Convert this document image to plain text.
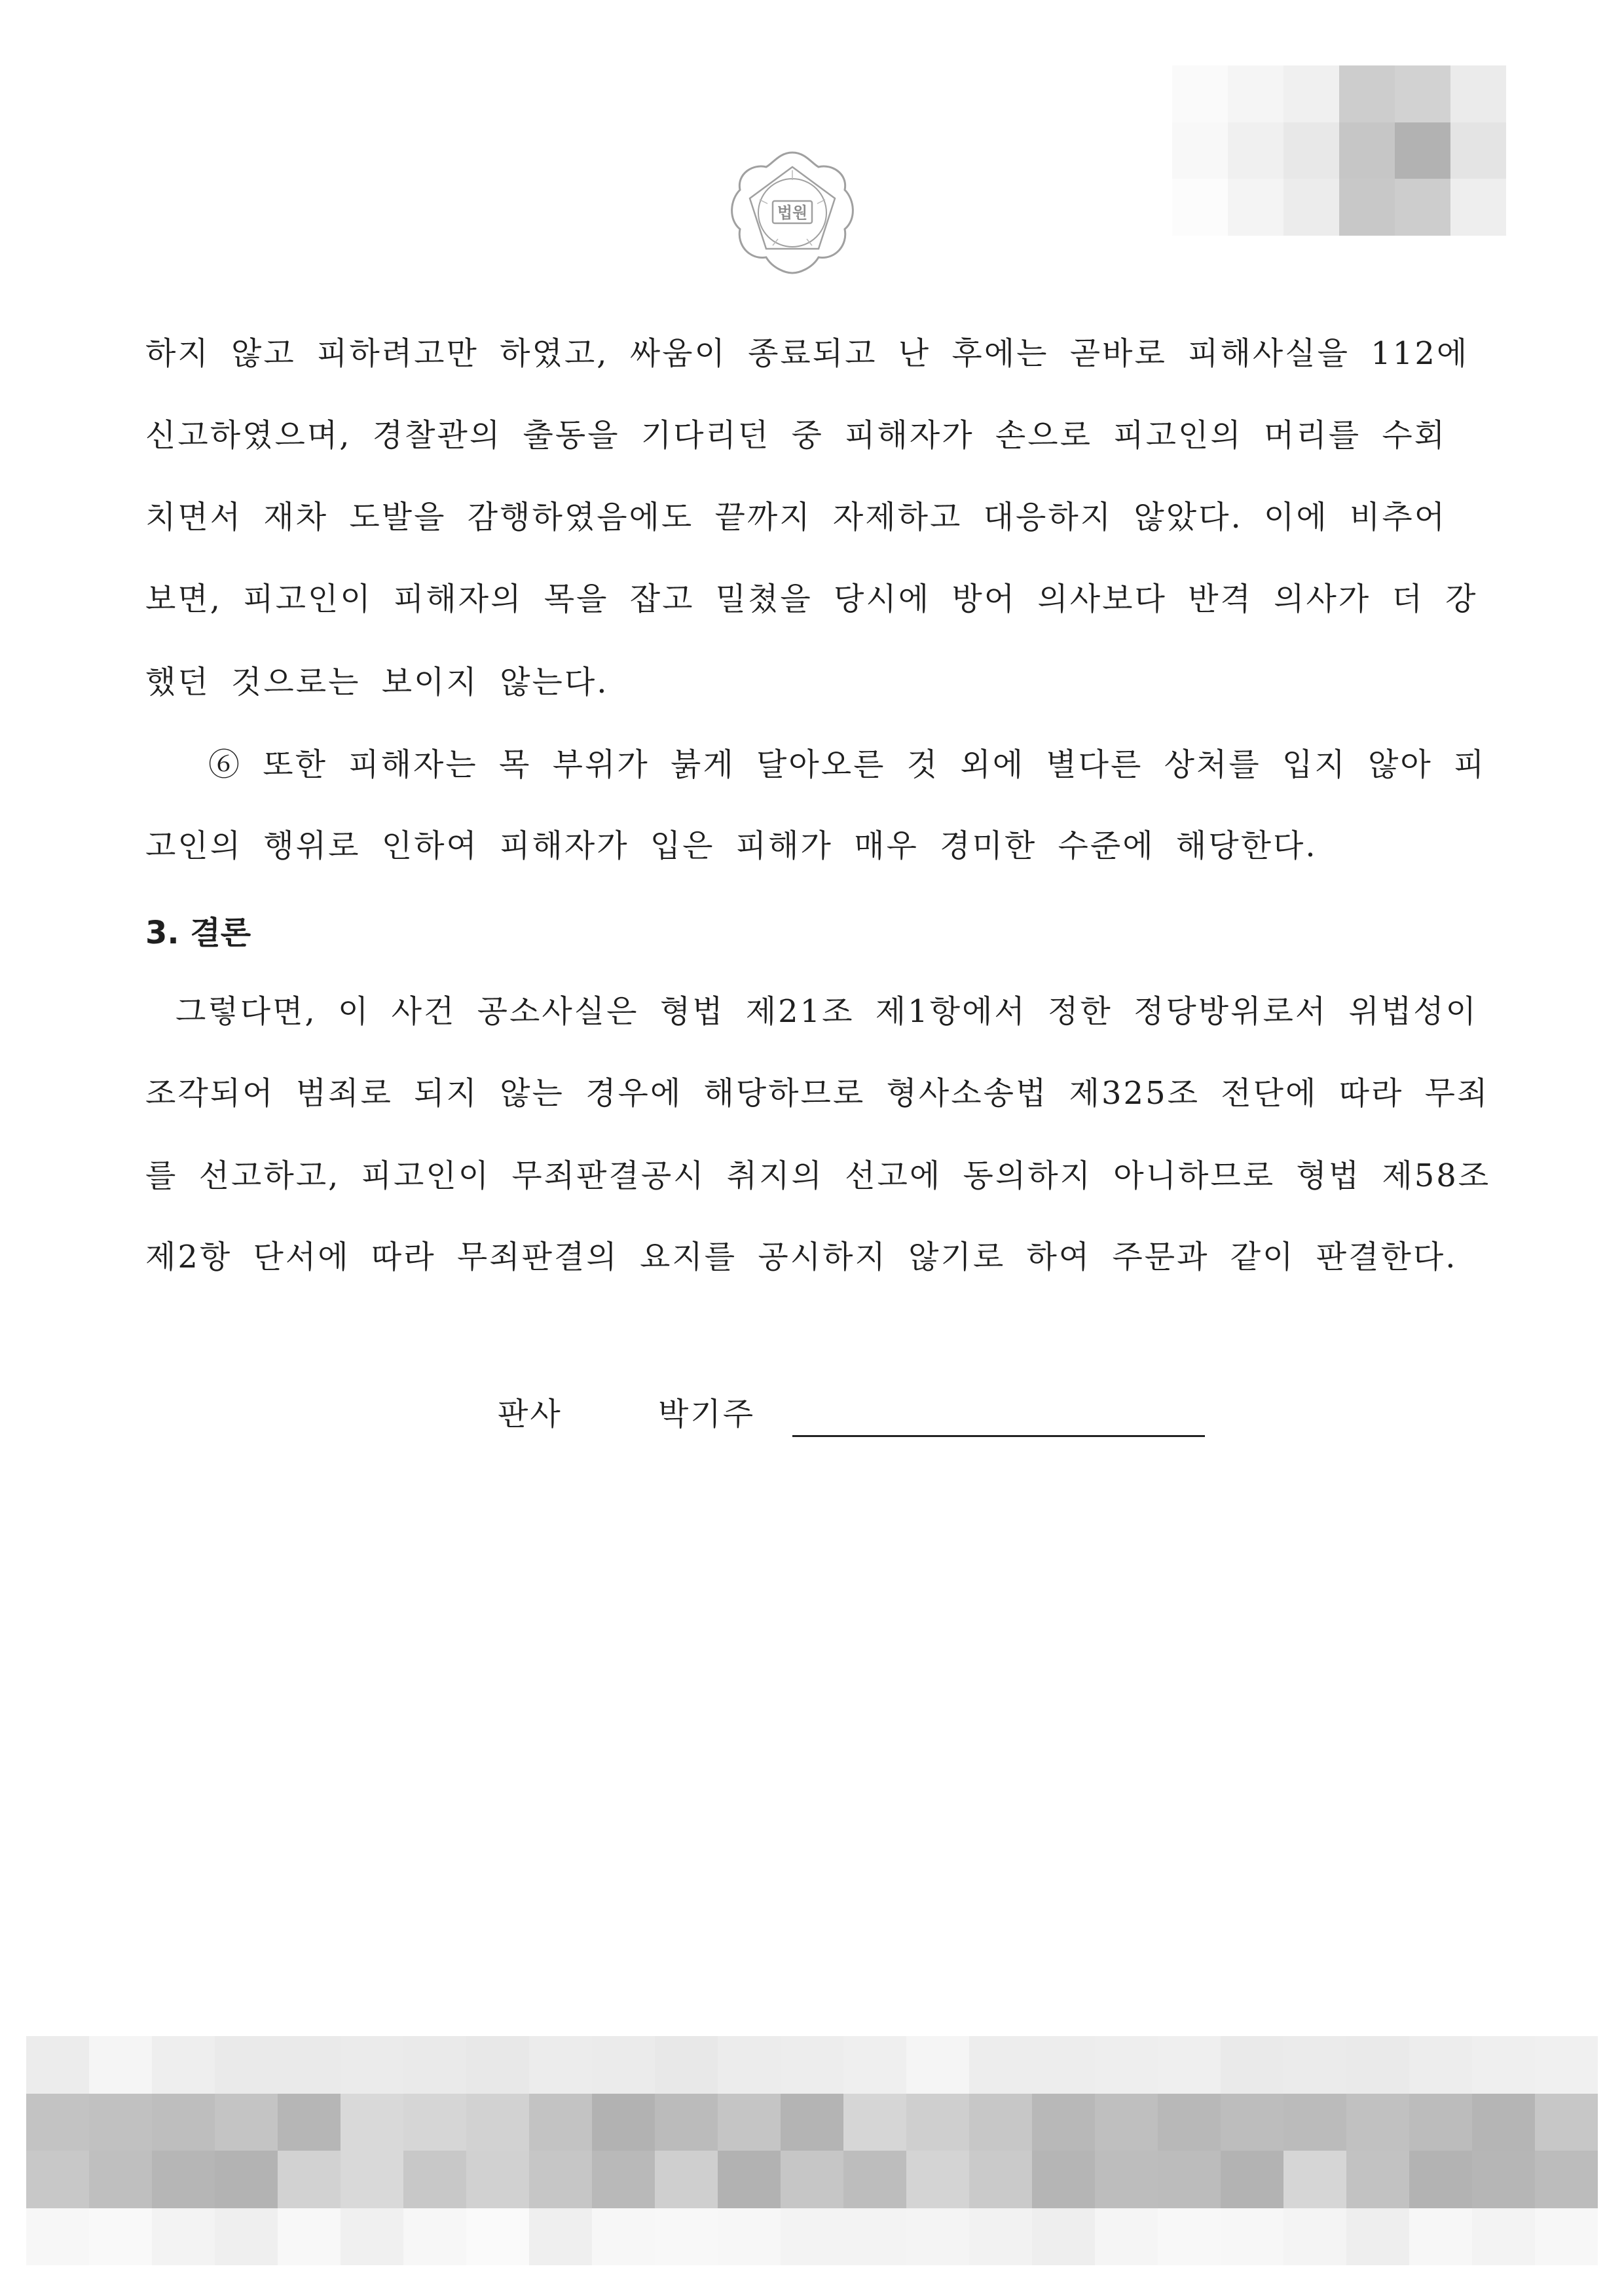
법원
하지 않고 피하려고만 하였고, 싸움이 종료되고 난 후에는 곧바로 피해사실을 112에
신고하였으며, 경찰관의 출동을 기다리던 중 피해자가 손으로 피고인의 머리를 수회
치면서 재차 도발을 감행하였음에도 끝까지 자제하고 대응하지 않았다. 이에 비추어
보면, 피고인이 피해자의 목을 잡고 밀쳤을 당시에 방어 의사보다 반격 의사가 더 강
했던 것으로는 보이지 않는다.
⑥ 또한 피해자는 목 부위가 붉게 달아오른 것 외에 별다른 상처를 입지 않아 피
고인의 행위로 인하여 피해자가 입은 피해가 매우 경미한 수준에 해당한다.
3. 결론
그렇다면, 이 사건 공소사실은 형법 제21조 제1항에서 정한 정당방위로서 위법성이
조각되어 범죄로 되지 않는 경우에 해당하므로 형사소송법 제325조 전단에 따라 무죄
를 선고하고, 피고인이 무죄판결공시 취지의 선고에 동의하지 아니하므로 형법 제58조
제2항 단서에 따라 무죄판결의 요지를 공시하지 않기로 하여 주문과 같이 판결한다.
판사	박기주
